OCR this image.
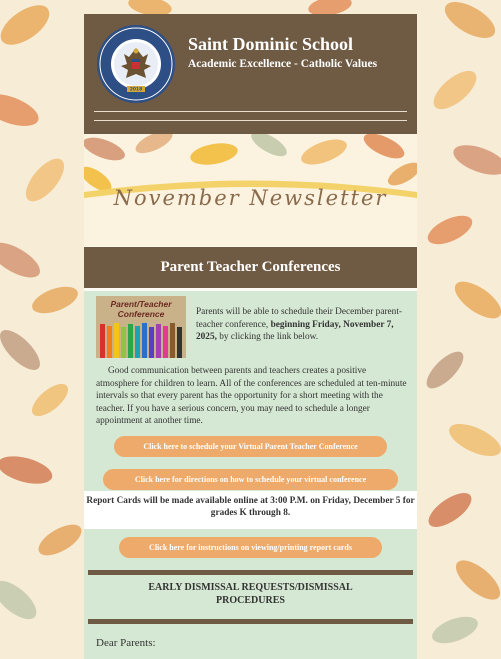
2018
Saint Dominic School
Academic Excellence - Catholic Values
November Newsletter
Parent Teacher Conferences
Parent/Teacher
Conference	Parents will be able to schedule their December parent-teacher conference, beginning Friday, November 7, 2025, by clicking the link below.
Good communication between parents and teachers creates a positive atmosphere for children to learn. All of the conferences are scheduled at ten-minute intervals so that every parent has the opportunity for a short meeting with the teacher. If you have a serious concern, you may need to schedule a longer appointment at another time.
Click here to schedule your Virtual Parent Teacher Conference
Click here for directions on how to schedule your virtual conference
Report Cards will be made available online at 3:00 P.M. on Friday, December 5 for grades K through 8.
Click here for instructions on viewing/printing report cards
EARLY DISMISSAL REQUESTS/DISMISSAL PROCEDURES
Dear Parents:
